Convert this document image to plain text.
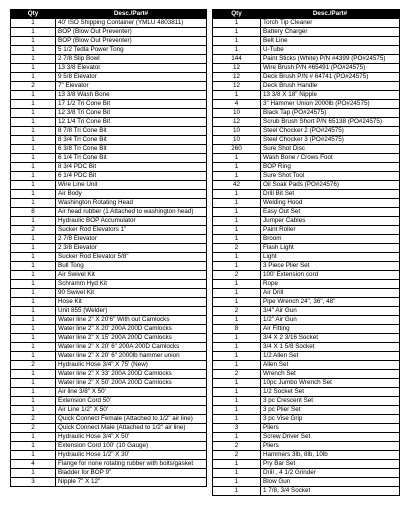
Qty	Desc./Part#
1	40' ISO Shipping Container (YMLU 4803811)
1	BOP (Blow Out Preventer)
1	BOP (Blow Out Preventer)
1	5 1/2 Tedla Power Tong
1	2 7/8 Slip Bowl
1	13 3/8 Elevator
1	9 5/8 Elevator
2	7" Elevator
1	13 3/8 Wash Bone
1	17 1/2 Tri Cone Bit
1	12 3/8 Tri Cone Bit
1	12 1/4 Tri Cone Bit
1	8 7/8 Tri Cone Bit
1	8 3/4 Tri Cone Bit
1	6 3/8 Tri Cone Bit
1	6 1/4 Tri Cone Bit
1	8 3/4 PDC Bit
1	6 1/4 PDC Bit
1	Wire Line Unit
1	Air Body
1	Washington Rotating Head
8	Air head rubber (1 Attached to washington head)
1	Hydraulic BOP Accumulator
2	Sucker Rod Elevators 1"
1	2 7/8 Elevator
1	2 3/8 Elevator
1	Sucker Rod Elevator 5/8"
1	Bull Tong
1	Air Swivel Kit
1	Schramm Hyd Kit
1	90 Swivel Kit
1	Hose Kit
1	Unit 855 (Welder)
1	Water line 2" X 20'6" With out Camlocks
1	Water line 2" X 20' 200A 200D Camlocks
1	Water line 2" X 15' 200A 200D Camlocks
1	Water line 2" X 20' 6" 200A 200D Camlocks
1	Water line 2" X 20' 6" 2000lb hammer union
2	Hydraulic Hose 3/4" X 75' (New)
1	Water line 2" X 33' 200A 200D Camlocks
1	Water line 2" X 50' 200A 200D Camlocks
1	Air line 3/8" X 50'
1	Extension Cord 50'
1	Air Line 1/2" X 50'
2	Quick Connect Female (Attached to 1/2" air line)
2	Quick Connect Male (Attached to 1/2" air line)
1	Hydraulic Hose 3/4" X 50'
1	Extension Cord 100' (10 Gauge)
1	Hydraulic Hose 1/2" X 30'
4	Flange for none rotating rubber with bolts/gasket
1	Bladder for BOP 9"
3	Nipple 7" X 12"
Qty	Desc./Part#
1	Torch Tip Cleaner
1	Battery Charger
1	Belt Line
1	U-Tube
144	Paint Sticks (White) P/N #4399 (PO#24575)
12	Wire Brush P/N #65491 (PO#24575)
12	Deck Brush P/N # 64741 (PO#24575)
12	Deck Brush Handle
1	13 3/8 X 18" Nipple
4	3" Hammer Union 2000lb (PO#24575)
10	Black Tap (PO#24575)
12	Scrub Brush Short P/N 65138 (PO#24575)
10	Steel Chocker 2 (PO#24575)
10	Steel Chocker 3 (PO#24575)
260	Sure Shot Disc
1	Wash Bone / Crows Foot
1	BOP Ring
1	Sure Shot Tool
42	Oil Soak Pads (PO#24576)
1	Drill Bit Set
1	Welding Hood
1	Easy Out Set
1	Jumper Cables
1	Paint Roller
1	Broom
2	Flash Light
1	Light
1	3 Piece Plier Set
2	100' Extension cord
1	Rope
1	Air Drill
1	Pipe Wrench 24", 36", 48"
2	3/4" Air Gun
1	1/2" Air Gun
8	Air Fitting
1	3/4 X 2 3/16 Socket
1	3/4 X 1 5/8 Socket
1	1/2 Allen Set
1	Allen Set
2	Wrench Set
1	10pc Jumbo Wrench Set
1	1/2 Socket Set
1	3 pc Crescent Set
1	3 pc Plier Set
1	3 pc Vise Grip
3	Pliers
1	Screw Driver Set
2	Pliers
2	Hammers 3lb, 8lb, 10lb
1	Pry Bar Set
1	Drill , 4 1/2 Grinder
1	Blow Gun
1	1 7/8, 3/4 Socket
